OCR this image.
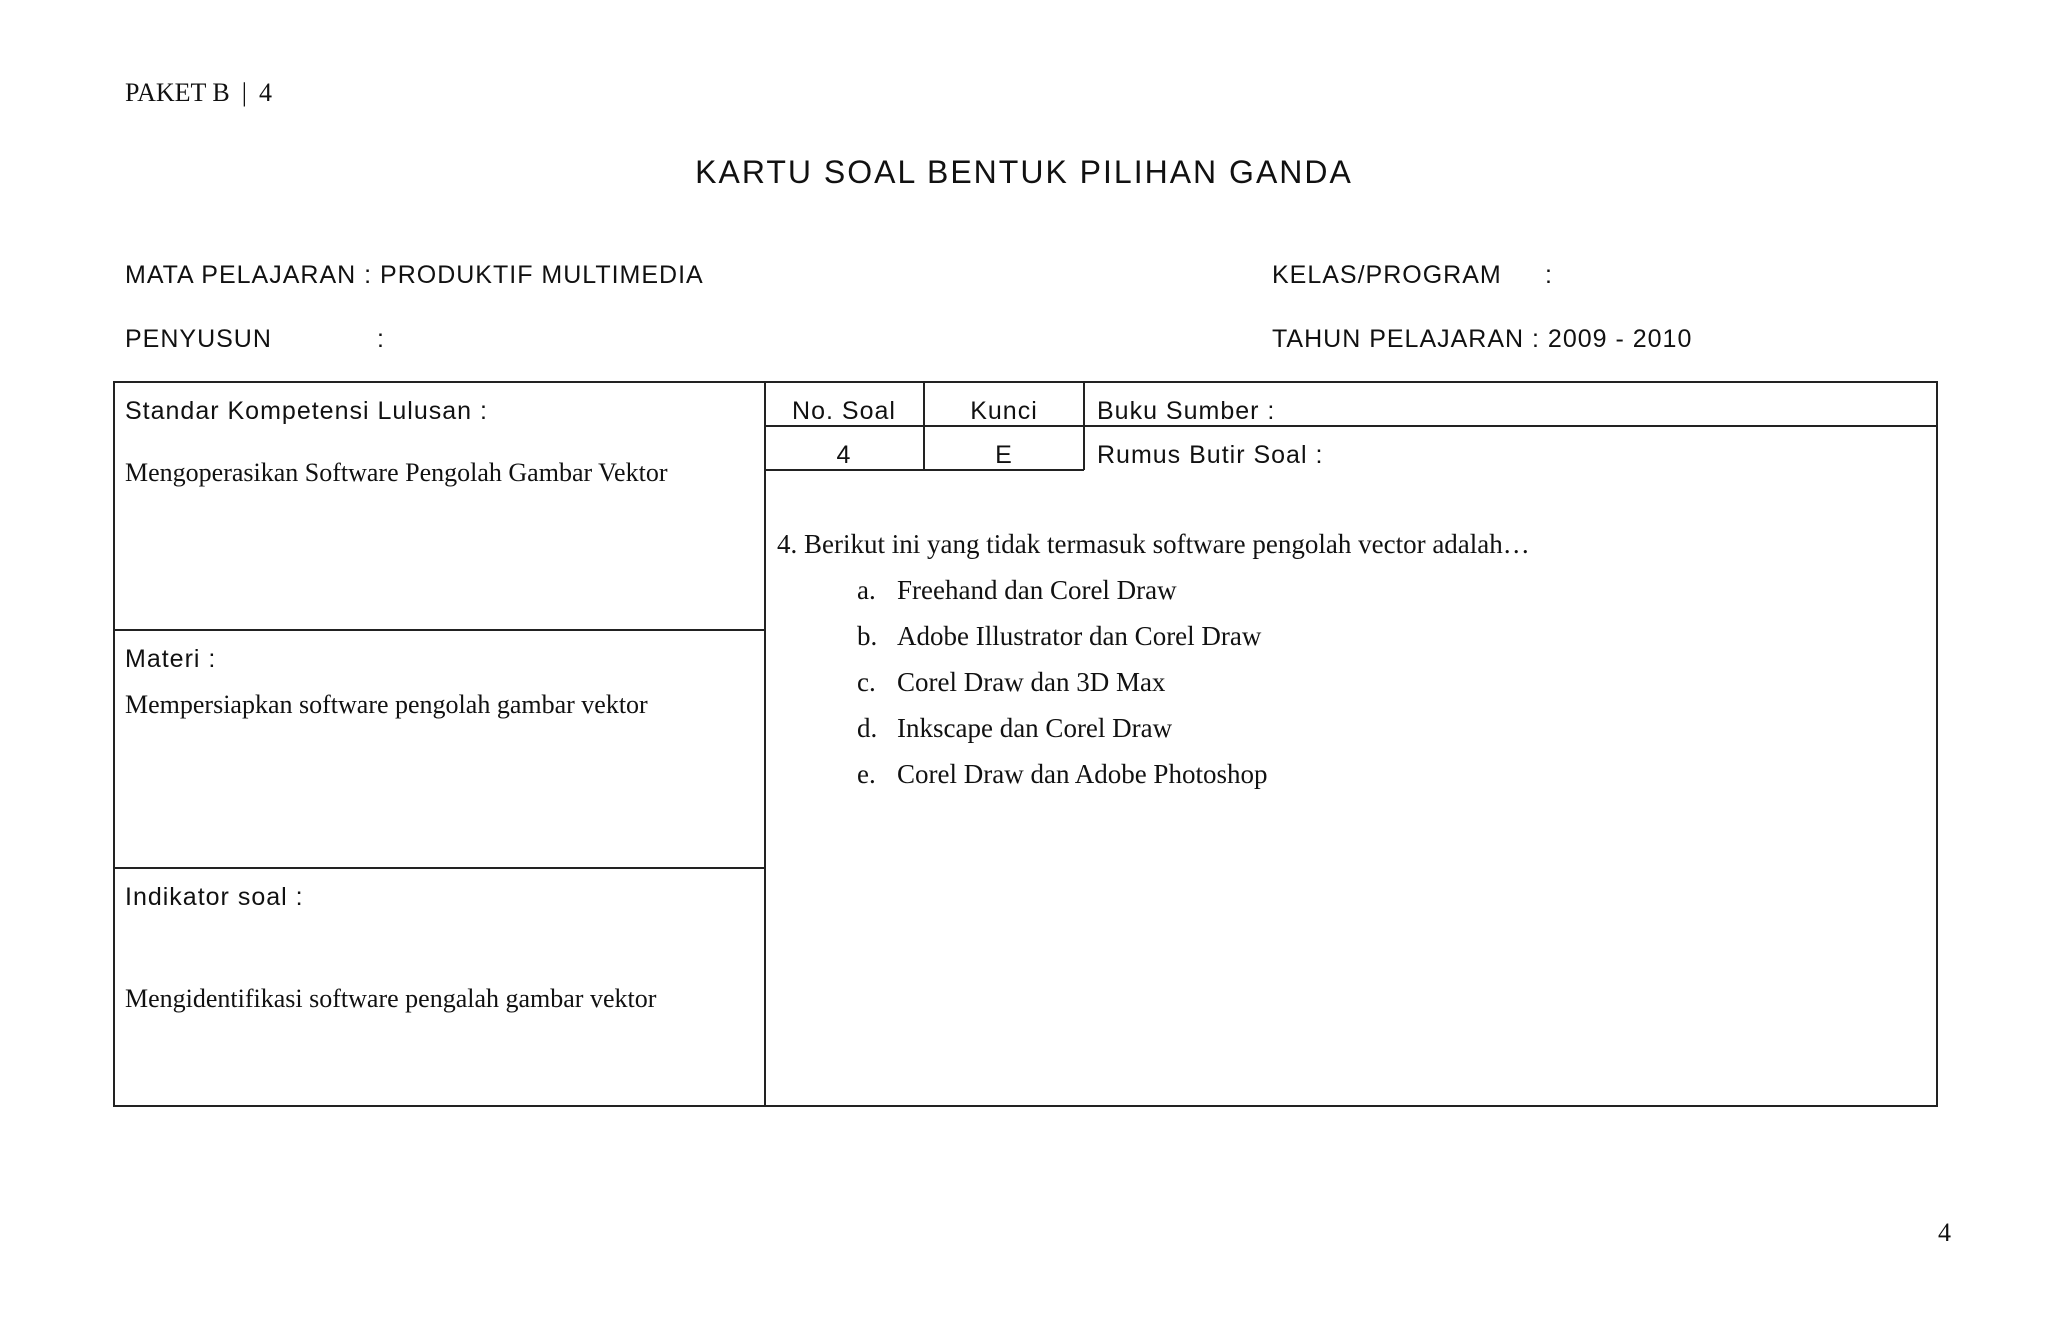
PAKET B | 4
KARTU SOAL BENTUK PILIHAN GANDA
MATA PELAJARAN : PRODUKTIF MULTIMEDIA	KELAS/PROGRAM :
PENYUSUN	:	TAHUN PELAJARAN : 2009 - 2010
Standar Kompetensi Lulusan :
Mengoperasikan Software Pengolah Gambar Vektor
Materi :
Mempersiapkan software pengolah gambar vektor
Indikator soal :
Mengidentifikasi software pengalah gambar vektor
No. Soal	Kunci
4	E
Buku Sumber :
Rumus Butir Soal :
4. Berikut ini yang tidak termasuk software pengolah vector adalah…
a. Freehand dan Corel Draw
b. Adobe Illustrator dan Corel Draw
c. Corel Draw dan 3D Max
d. Inkscape dan Corel Draw
e. Corel Draw dan Adobe Photoshop
4
